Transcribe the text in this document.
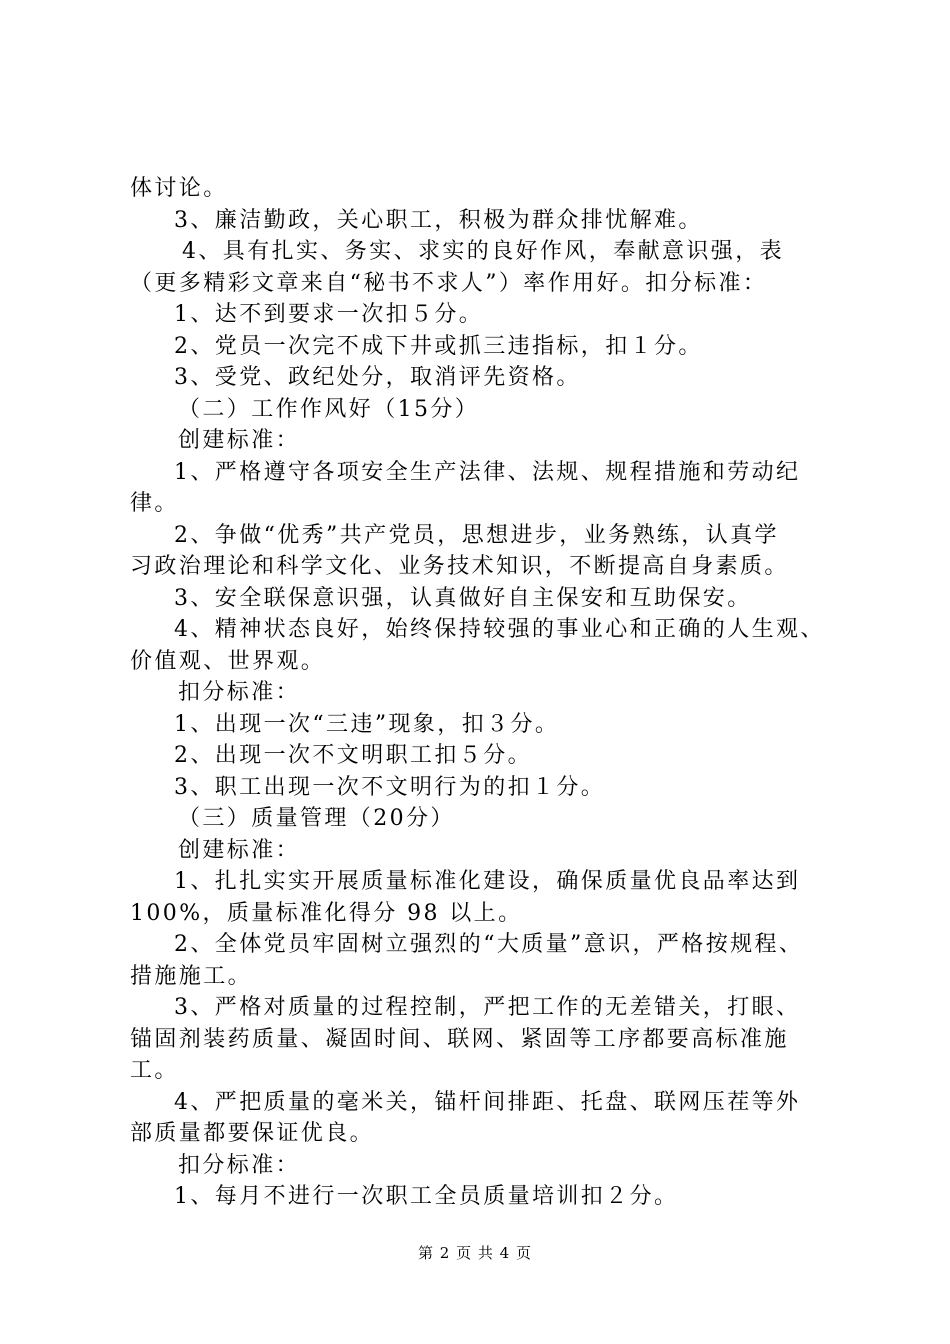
体讨论。
3、廉洁勤政，关心职工，积极为群众排忧解难。
4、具有扎实、务实、求实的良好作风，奉献意识强，表
（更多精彩文章来自“秘书不求人”）率作用好。扣分标准：
1、达不到要求一次扣５分。
2、党员一次完不成下井或抓三违指标，扣１分。
3、受党、政纪处分，取消评先资格。
（二）工作作风好（15分）
创建标准：
1、严格遵守各项安全生产法律、法规、规程措施和劳动纪
律。
2、争做“优秀”共产党员，思想进步，业务熟练，认真学
习政治理论和科学文化、业务技术知识，不断提高自身素质。
3、安全联保意识强，认真做好自主保安和互助保安。
4、精神状态良好，始终保持较强的事业心和正确的人生观、
价值观、世界观。
扣分标准：
1、出现一次“三违”现象，扣３分。
2、出现一次不文明职工扣５分。
3、职工出现一次不文明行为的扣１分。
（三）质量管理（20分）
创建标准：
1、扎扎实实开展质量标准化建设，确保质量优良品率达到
100%，质量标准化得分 98 以上。
2、全体党员牢固树立强烈的“大质量”意识，严格按规程、
措施施工。
3、严格对质量的过程控制，严把工作的无差错关，打眼、
锚固剂装药质量、凝固时间、联网、紧固等工序都要高标准施
工。
4、严把质量的毫米关，锚杆间排距、托盘、联网压茬等外
部质量都要保证优良。
扣分标准：
1、每月不进行一次职工全员质量培训扣２分。
第 2 页 共 4 页
